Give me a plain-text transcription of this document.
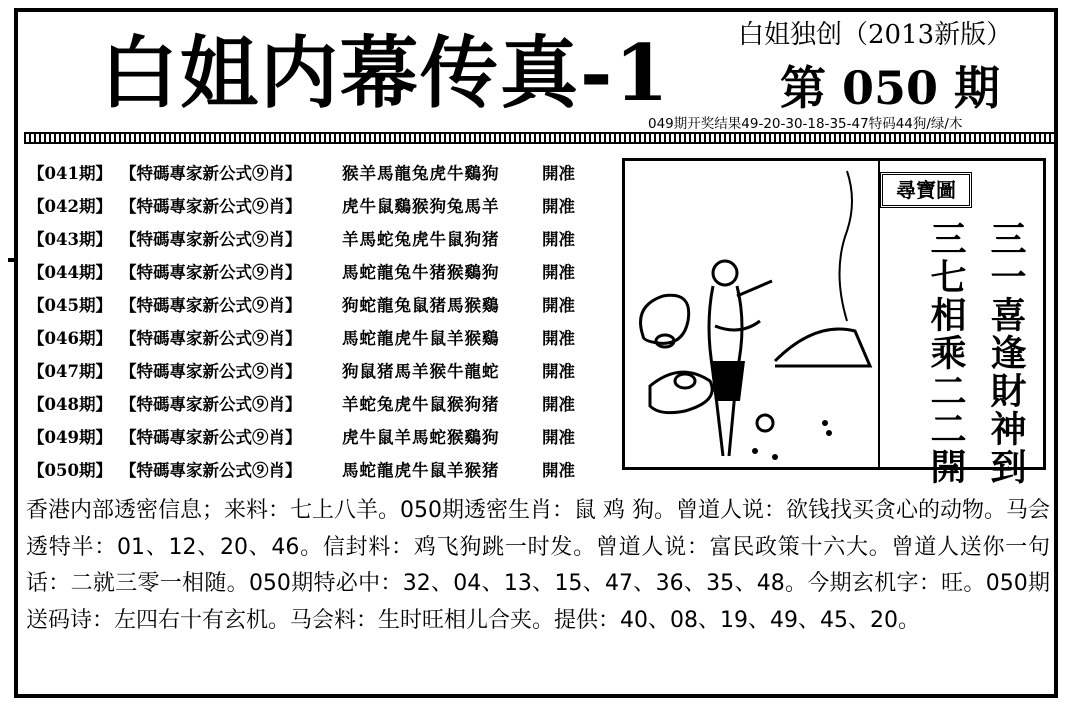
白姐内幕传真-1	白姐独创（2013新版）
第 050 期
049期开奖结果49-20-30-18-35-47特码44狗/绿/木
【041期】 【特碼專家新公式⑨肖】 猴羊馬龍兔虎牛鷄狗	開准
【042期】 【特碼專家新公式⑨肖】 虎牛鼠鷄猴狗兔馬羊	開准
【043期】 【特碼專家新公式⑨肖】 羊馬蛇兔虎牛鼠狗猪	開准
【044期】 【特碼專家新公式⑨肖】 馬蛇龍兔牛猪猴鷄狗	開准
【045期】 【特碼專家新公式⑨肖】 狗蛇龍兔鼠猪馬猴鷄	開准
【046期】 【特碼專家新公式⑨肖】 馬蛇龍虎牛鼠羊猴鷄	開准
【047期】 【特碼專家新公式⑨肖】 狗鼠猪馬羊猴牛龍蛇	開准
【048期】 【特碼專家新公式⑨肖】 羊蛇兔虎牛鼠猴狗猪	開准
【049期】 【特碼專家新公式⑨肖】 虎牛鼠羊馬蛇猴鷄狗	開准
【050期】 【特碼專家新公式⑨肖】 馬蛇龍虎牛鼠羊猴猪	開准
尋寶圖
三一喜逢財神到
三七相乘二二開
香港内部透密信息；来料：七上八羊。050期透密生肖：鼠 鸡 狗。曾道人说：欲钱找买贪心的动物。马会透特半：01、12、20、46。信封料：鸡飞狗跳一时发。曾道人说：富民政策十六大。曾道人送你一句话：二就三零一相随。050期特必中：32、04、13、15、47、36、35、48。今期玄机字：旺。050期送码诗：左四右十有玄机。马会料：生时旺相儿合夹。提供：40、08、19、49、45、20。
